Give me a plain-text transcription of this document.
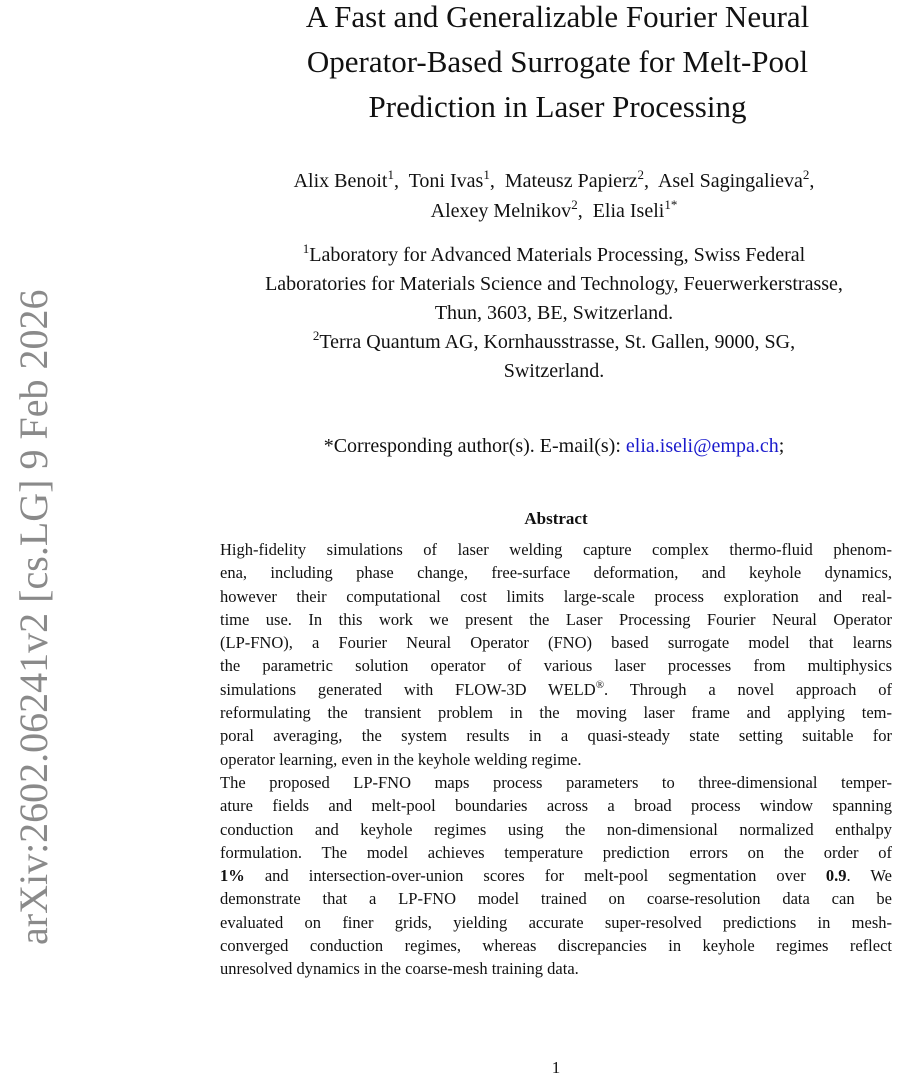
arXiv:2602.06241v2 [cs.LG] 9 Feb 2026
A Fast and Generalizable Fourier Neural
Operator-Based Surrogate for Melt-Pool
Prediction in Laser Processing
Alix Benoit$^1$, Toni Ivas$^1$, Mateusz Papierz$^2$, Asel Sagingalieva$^2$,
Alexey Melnikov$^2$, Elia Iseli$^{1*}$
$^1$Laboratory for Advanced Materials Processing, Swiss Federal
Laboratories for Materials Science and Technology, Feuerwerkerstrasse,
Thun, 3603, BE, Switzerland.
$^2$Terra Quantum AG, Kornhausstrasse, St. Gallen, 9000, SG,
Switzerland.
*Corresponding author(s). E-mail(s): elia.iseli@empa.ch;
Abstract
High-fidelity simulations of laser welding capture complex thermo-fluid phenom-
ena, including phase change, free-surface deformation, and keyhole dynamics,
however their computational cost limits large-scale process exploration and real-
time use. In this work we present the Laser Processing Fourier Neural Operator
(LP-FNO), a Fourier Neural Operator (FNO) based surrogate model that learns
the parametric solution operator of various laser processes from multiphysics
simulations generated with FLOW-3D WELD®. Through a novel approach of
reformulating the transient problem in the moving laser frame and applying tem-
poral averaging, the system results in a quasi-steady state setting suitable for
operator learning, even in the keyhole welding regime.
The proposed LP-FNO maps process parameters to three-dimensional temper-
ature fields and melt-pool boundaries across a broad process window spanning
conduction and keyhole regimes using the non-dimensional normalized enthalpy
formulation. The model achieves temperature prediction errors on the order of
1% and intersection-over-union scores for melt-pool segmentation over 0.9. We
demonstrate that a LP-FNO model trained on coarse-resolution data can be
evaluated on finer grids, yielding accurate super-resolved predictions in mesh-
converged conduction regimes, whereas discrepancies in keyhole regimes reflect
unresolved dynamics in the coarse-mesh training data.
1
